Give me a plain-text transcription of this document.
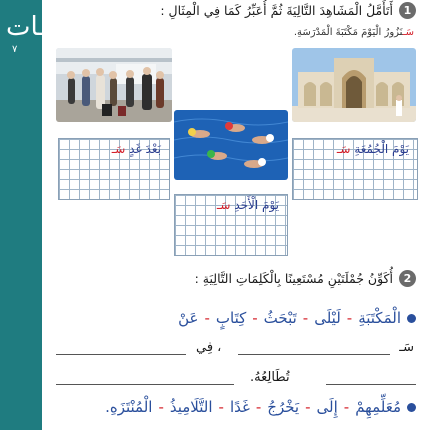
ـات
٧
1
أَتَأَمَّلُ الْمَشَاهِدَ التَّالِيَةَ ثُمَّ أُعَبِّرُ كَمَا فِي الْمِثَالِ :
سَـنَزُورُ الْيَوْمَ مَكْتَبَةَ الْمَدْرَسَةِ.
بَعْدَ غَدٍ سَـ	يَوْمَ الْجُمُعَةِ سَـ
يَوْمَ الْأَحَدِ سَـ
2
أُكَوِّنُ جُمْلَتَيْنِ مُسْتَعِينًا بِالْكَلِمَاتِ التَّالِيَةِ :
الْمَكْتَبَةِ
-
لَيْلَى
-
تَبْحَثُ
-
كِتَابٍ
-
عَنْ
سَـ
، فِي
تُطَالِعُهُ.
مُعَلِّمِهِمْ
-
إِلَى
-
يَخْرُجُ
-
غَدًا
-
التَّلَامِيذُ
-
الْمُنْتَزَهِ.
